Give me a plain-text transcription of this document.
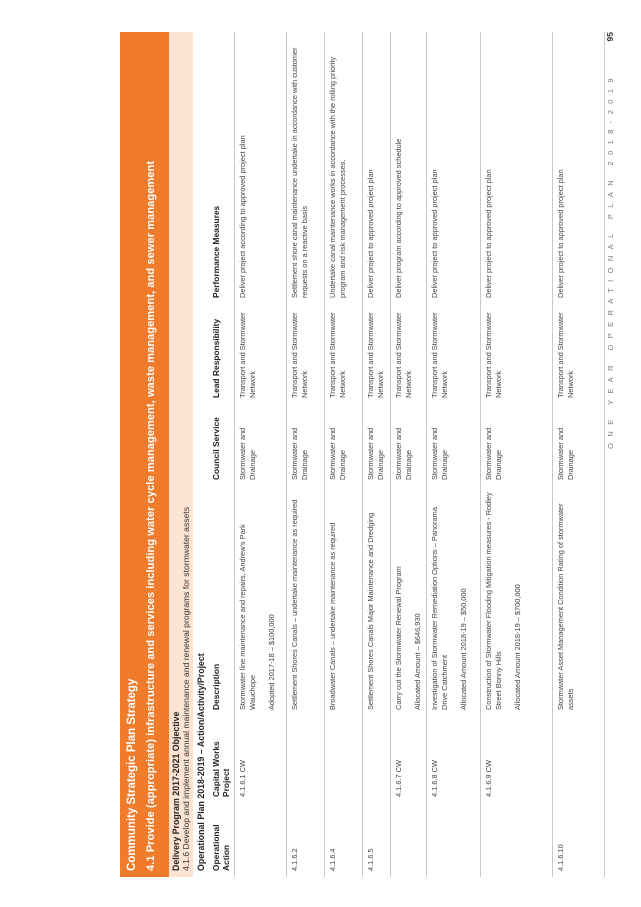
Community Strategic Plan Strategy 4.1 Provide (appropriate) infrastructure and services including water cycle management, waste management, and sewer management Delivery Program 2017-2021 Objective 4.1.6 Develop and implement annual maintenance and renewal programs for stormwater assets Operational Plan 2018-2019 – Action/Activity/Project Operational Action	Capital Works Project	Description	Council Service	Lead Responsibility	Performance Measures
	4.1.6.1 CW	Stormwater line maintenance and repairs, Andrew's Park Wauchope Adopted 2017-18 – $100,000	Stormwater and Drainage	Transport and Stormwater Network	Deliver project according to approved project plan
4.1.6.2		Settlement Shores Canals – undertake maintenance as required	Stormwater and Drainage	Transport and Stormwater Network	Settlement shore canal maintenance undertake in accordance with customer requests on a reactive basis
4.1.6.4		Broadwater Canals – undertake maintenance as required	Stormwater and Drainage	Transport and Stormwater Network	Undertake canal maintenance works in accordance with the rolling priority program and risk management processes.
4.1.6.5		Settlement Shores Canals Major Maintenance and Dredging	Stormwater and Drainage	Transport and Stormwater Network	Deliver project to approved project plan
	4.1.6.7 CW	Carry out the Stormwater Renewal Program Allocated Amount – $646,930	Stormwater and Drainage	Transport and Stormwater Network	Deliver program according to approved schedule
	4.1.6.8 CW	Investigation of Stormwater Remediation Options – Panorama Drive Catchment Allocated Amount 2018-19 – $50,000	Stormwater and Drainage	Transport and Stormwater Network	Deliver project to approved project plan
	4.1.6.9 CW	Construction of Stormwater Flooding Mitigation measures - Rodley Street Bonny Hills Allocated Amount 2018-19 – $700,000	Stormwater and Drainage	Transport and Stormwater Network	Deliver project to approved project plan
4.1.6.10		Stormwater Asset Management Condition Rating of stormwater assets	Stormwater and Drainage	Transport and Stormwater Network	Deliver project to approved project plan	ONE YEAR OPERATIONAL PLAN 2018-2019
95
